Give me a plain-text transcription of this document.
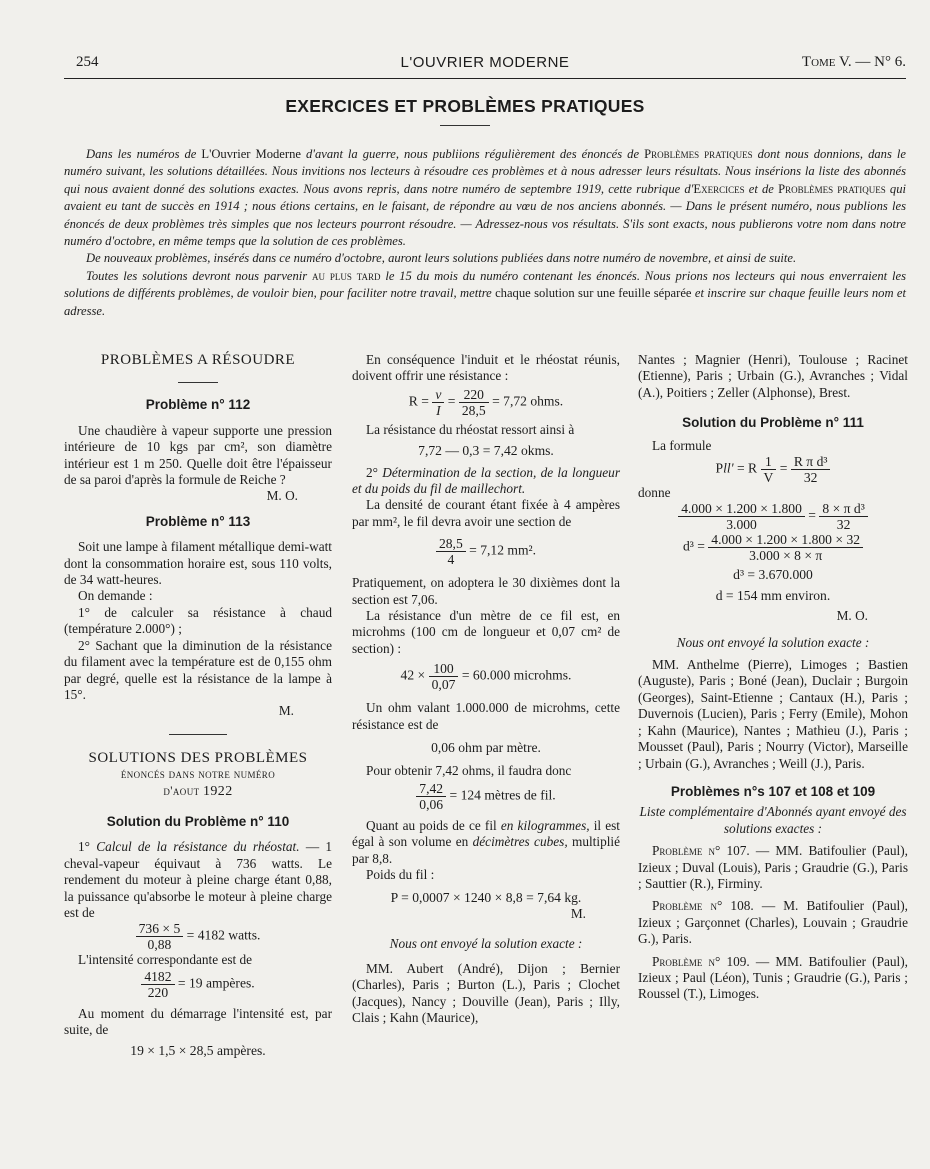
254	L'OUVRIER MODERNE	Tome V. — N° 6.
EXERCICES ET PROBLÈMES PRATIQUES

Dans les numéros de L'Ouvrier Moderne d'avant la guerre, nous publiions régulièrement des énoncés de Problèmes pratiques dont nous donnions, dans le numéro suivant, les solutions détaillées. Nous invitions nos lecteurs à résoudre ces problèmes et à nous adresser leurs résultats. Nous insérions la liste des abonnés qui nous avaient donné des solutions exactes. Nous avons repris, dans notre numéro de septembre 1919, cette rubrique d'Exercices et de Problèmes pratiques qui avaient eu tant de succès en 1914 ; nous étions certains, en le faisant, de répondre au vœu de nos anciens abonnés. — Dans le présent numéro, nous publions les énoncés de deux problèmes très simples que nos lecteurs pourront résoudre. — Adressez-nous vos résultats. S'ils sont exacts, nous publierons votre nom dans notre numéro d'octobre, en même temps que la solution de ces problèmes.

De nouveaux problèmes, insérés dans ce numéro d'octobre, auront leurs solutions publiées dans notre numéro de novembre, et ainsi de suite.

Toutes les solutions devront nous parvenir au plus tard le 15 du mois du numéro contenant les énoncés. Nous prions nos lecteurs qui nous enverraient les solutions de différents problèmes, de vouloir bien, pour faciliter notre travail, mettre chaque solution sur une feuille séparée et inscrire sur chaque feuille leurs nom et adresse.

PROBLÈMES A RÉSOUDRE

Problème n° 112

Une chaudière à vapeur supporte une pression intérieure de 10 kgs par cm², son diamètre intérieur est 1 m 250. Quelle doit être l'épaisseur de sa paroi d'après la formule de Reiche ?

M. O.

Problème n° 113

Soit une lampe à filament métallique demi-watt dont la consommation horaire est, sous 110 volts, de 34 watt-heures.

On demande :

1° de calculer sa résistance à chaud (température 2.000°) ;

2° Sachant que la diminution de la résistance du filament avec la température est de 0,155 ohm par degré, quelle est la résistance de la lampe à 15°.

M.

SOLUTIONS DES PROBLÈMES

énoncés dans notre numéro

d'aout 1922

Solution du Problème n° 110

1° Calcul de la résistance du rhéostat. — 1 cheval-vapeur équivaut à 736 watts. Le rendement du moteur à pleine charge étant 0,88, la puissance qu'absorbe le moteur à pleine charge est de

$\frac{736 \times 5}{0,88} = 4182$ watts.

L'intensité correspondante est de

$\frac{4182}{220} = 19$ ampères.

Au moment du démarrage l'intensité est, par suite, de

19 × 1,5 × 28,5 ampères.

En conséquence l'induit et le rhéostat réunis, doivent offrir une résistance :

$R = \frac{v}{I} = \frac{220}{28,5} = 7,72$ ohms.

La résistance du rhéostat ressort ainsi à

7,72 — 0,3 = 7,42 okms.

2° Détermination de la section, de la longueur et du poids du fil de maillechort.

La densité de courant étant fixée à 4 ampères par mm², le fil devra avoir une section de

$\frac{28,5}{4} = 7,12$ mm².

Pratiquement, on adoptera le 30 dixièmes dont la section est 7,06.

La résistance d'un mètre de ce fil est, en microhms (100 cm de longueur et 0,07 cm² de section) :

$42 \times \frac{100}{0,07} = 60.000$ microhms.

Un ohm valant 1.000.000 de microhms, cette résistance est de

0,06 ohm par mètre.

Pour obtenir 7,42 ohms, il faudra donc

$\frac{7,42}{0,06} = 124$ mètres de fil.

Quant au poids de ce fil en kilogrammes, il est égal à son volume en décimètres cubes, multiplié par 8,8.

Poids du fil :

P = 0,0007 × 1240 × 8,8 = 7,64 kg.

M.

Nous ont envoyé la solution exacte :

MM. Aubert (André), Dijon ; Bernier (Charles), Paris ; Burton (L.), Paris ; Clochet (Jacques), Nancy ; Douville (Jean), Paris ; Illy, Clais ; Kahn (Maurice),

Nantes ; Magnier (Henri), Toulouse ; Racinet (Etienne), Paris ; Urbain (G.), Avranches ; Vidal (A.), Poitiers ; Zeller (Alphonse), Brest.

Solution du Problème n° 111

La formule

Pll' = R $\frac{1}{V} = \frac{\text{R π d³}}{32}$

donne

$\frac{4.000 \times 1.200 \times 1.800}{3.000} = \frac{\text{8 × π d³}}{32}$

$d^3 = \frac{4.000 \times 1.200 \times 1.800 \times 32}{3.000 \times 8 \times \pi}$

d³ = 3.670.000

d = 154 mm environ.

M. O.

Nous ont envoyé la solution exacte :

MM. Anthelme (Pierre), Limoges ; Bastien (Auguste), Paris ; Boné (Jean), Duclair ; Burgoin (Georges), Saint-Etienne ; Cantaux (H.), Paris ; Duvernois (Lucien), Paris ; Ferry (Emile), Mohon ; Kahn (Maurice), Nantes ; Mathieu (J.), Paris ; Mousset (Paul), Paris ; Nourry (Victor), Marseille ; Urbain (G.), Avranches ; Weill (J.), Paris.

Problèmes n°s 107 et 108 et 109

Liste complémentaire d'Abonnés ayant envoyé des solutions exactes :

Problème n° 107. — MM. Batifoulier (Paul), Izieux ; Duval (Louis), Paris ; Graudrie (G.), Paris ; Sauttier (R.), Firminy.

Problème n° 108. — M. Batifoulier (Paul), Izieux ; Garçonnet (Charles), Louvain ; Graudrie G.), Paris.

Problème n° 109. — MM. Batifoulier (Paul), Izieux ; Paul (Léon), Tunis ; Graudrie (G.), Paris ; Roussel (T.), Limoges.
